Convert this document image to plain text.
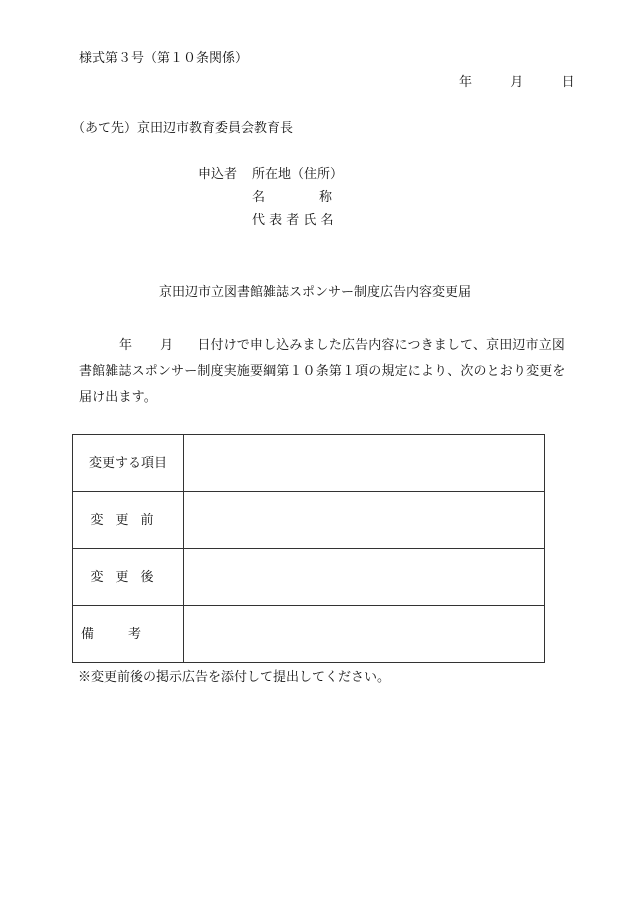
様式第３号（第１０条関係）
年	月	日
（あて先）京田辺市教育委員会教育長
申込者 所在地（住所）
名	称
代 表 者 氏 名
京田辺市立図書館雑誌スポンサー制度広告内容変更届
年 月 日付けで申し込みました広告内容につきまして、京田辺市立図書館雑誌スポンサー制度実施要綱第１０条第１項の規定により、次のとおり変更を届け出ます。
変更する項目	
変更前	
変更後	
備考	
※変更前後の掲示広告を添付して提出してください。
